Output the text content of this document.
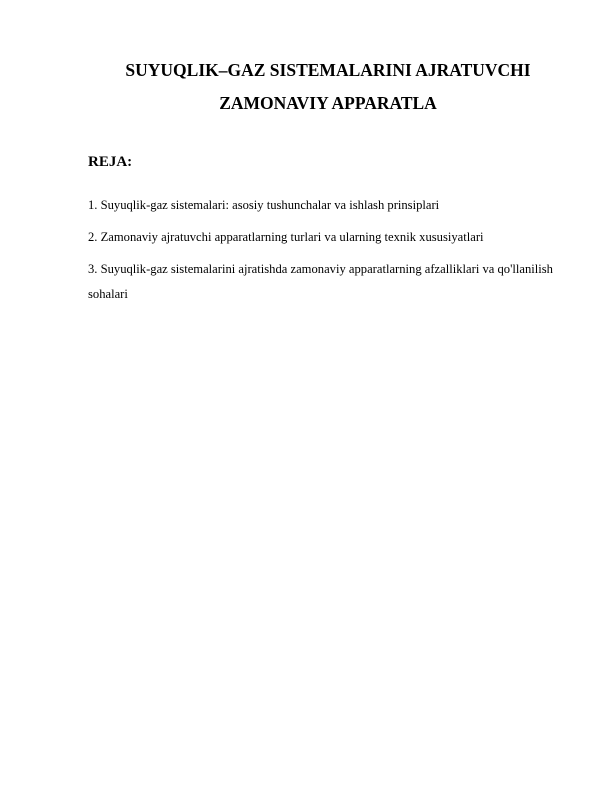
SUYUQLIK–GAZ SISTEMALARINI AJRATUVCHI
ZAMONAVIY APPARATLA
REJA:
1. Suyuqlik-gaz sistemalari: asosiy tushunchalar va ishlash prinsiplari
2. Zamonaviy ajratuvchi apparatlarning turlari va ularning texnik xususiyatlari
3. Suyuqlik-gaz sistemalarini ajratishda zamonaviy apparatlarning afzalliklari va qo'llanilish sohalari
